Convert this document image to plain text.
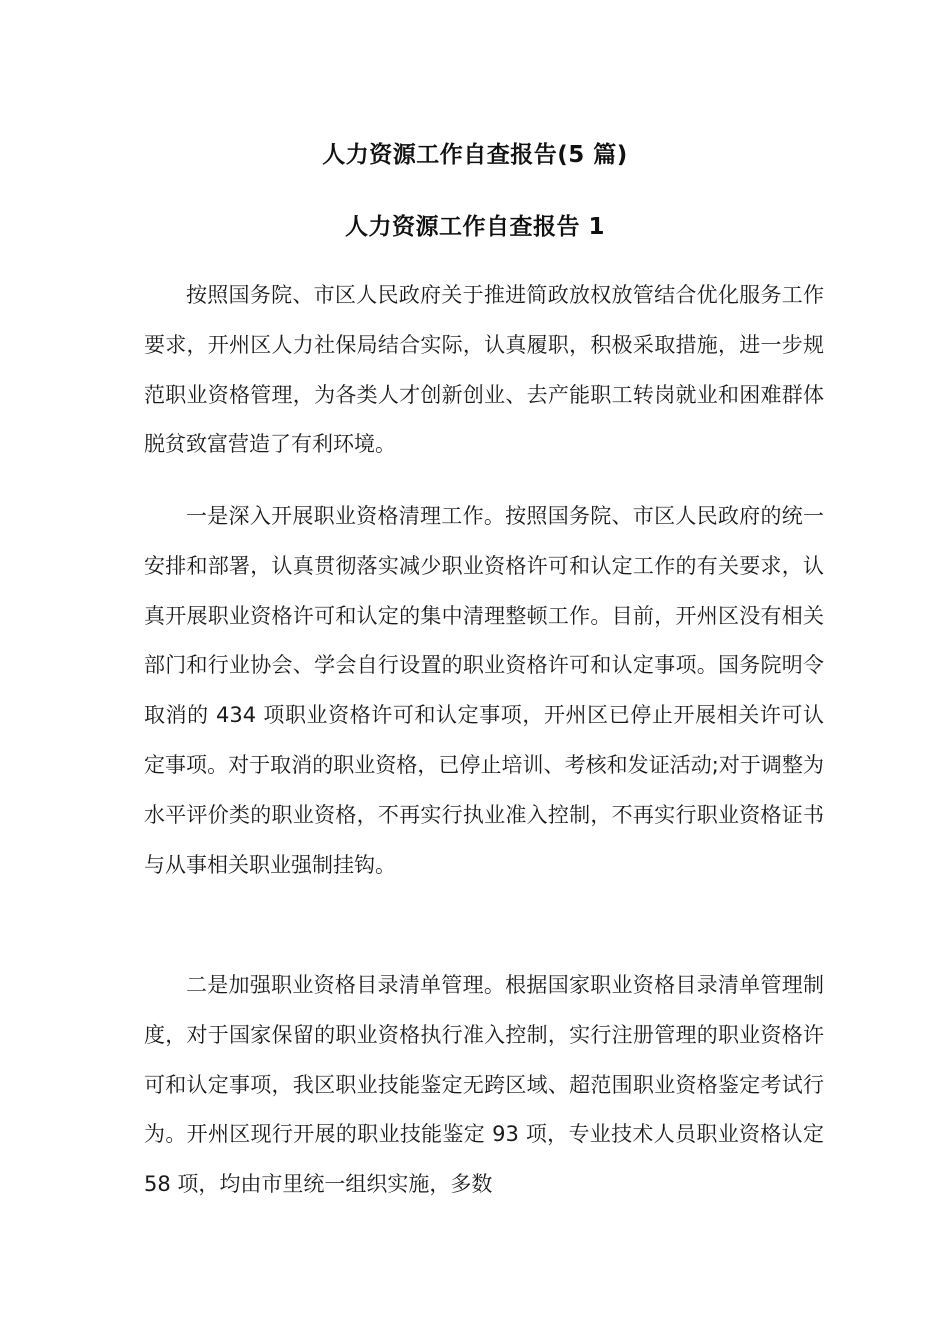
人力资源工作自查报告(5 篇)
人力资源工作自查报告 1

按照国务院、市区人民政府关于推进简政放权放管结合优化服务工作要求，开州区人力社保局结合实际，认真履职，积极采取措施，进一步规范职业资格管理，为各类人才创新创业、去产能职工转岗就业和困难群体脱贫致富营造了有利环境。

一是深入开展职业资格清理工作。按照国务院、市区人民政府的统一安排和部署，认真贯彻落实减少职业资格许可和认定工作的有关要求，认真开展职业资格许可和认定的集中清理整顿工作。目前，开州区没有相关部门和行业协会、学会自行设置的职业资格许可和认定事项。国务院明令取消的 434 项职业资格许可和认定事项，开州区已停止开展相关许可认定事项。对于取消的职业资格，已停止培训、考核和发证活动;对于调整为水平评价类的职业资格，不再实行执业准入控制，不再实行职业资格证书与从事相关职业强制挂钩。

二是加强职业资格目录清单管理。根据国家职业资格目录清单管理制度，对于国家保留的职业资格执行准入控制，实行注册管理的职业资格许可和认定事项，我区职业技能鉴定无跨区域、超范围职业资格鉴定考试行为。开州区现行开展的职业技能鉴定 93 项，专业技术人员职业资格认定 58 项，均由市里统一组织实施，多数
